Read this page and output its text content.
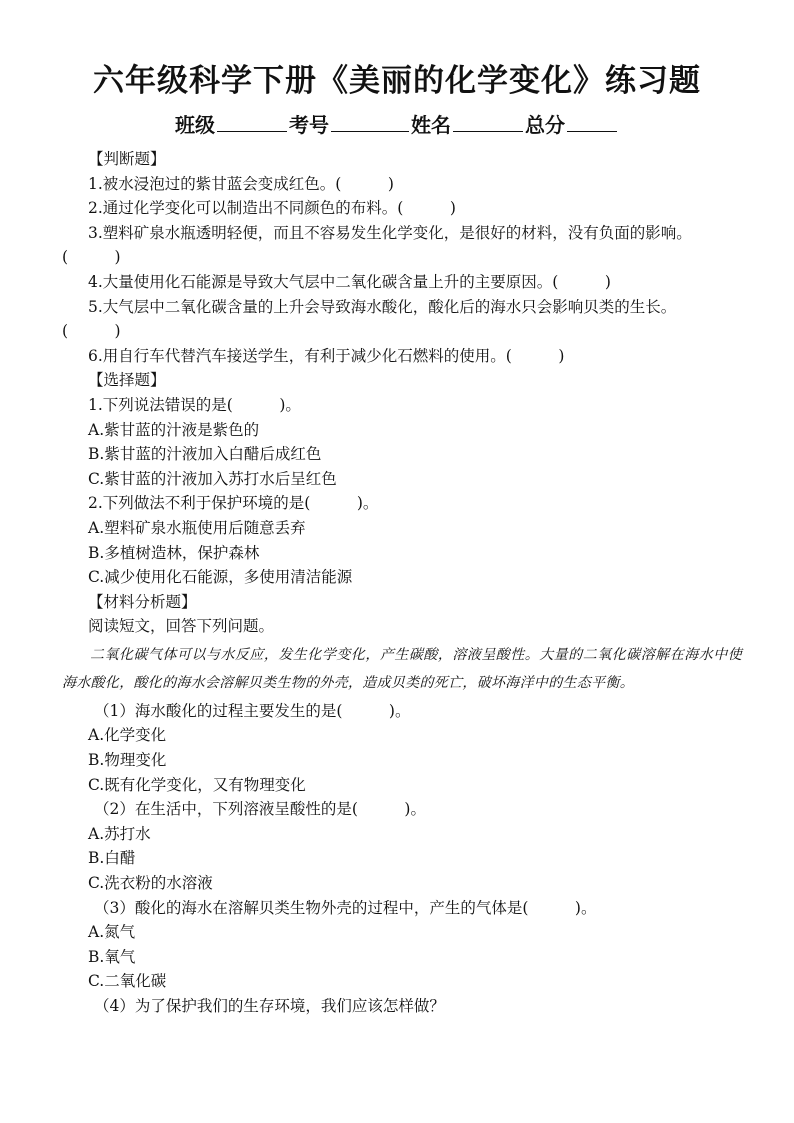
六年级科学下册《美丽的化学变化》练习题
班级	考号	姓名	总分
【判断题】
1.被水浸泡过的紫甘蓝会变成红色。(　　　)
2.通过化学变化可以制造出不同颜色的布料。(　　　)
3.塑料矿泉水瓶透明轻便，而且不容易发生化学变化，是很好的材料，没有负面的影响。
(　　　)
4.大量使用化石能源是导致大气层中二氧化碳含量上升的主要原因。(　　　)
5.大气层中二氧化碳含量的上升会导致海水酸化，酸化后的海水只会影响贝类的生长。
(　　　)
6.用自行车代替汽车接送学生，有利于减少化石燃料的使用。(　　　)
【选择题】
1.下列说法错误的是(　　　)。
A.紫甘蓝的汁液是紫色的
B.紫甘蓝的汁液加入白醋后成红色
C.紫甘蓝的汁液加入苏打水后呈红色
2.下列做法不利于保护环境的是(　　　)。
A.塑料矿泉水瓶使用后随意丢弃
B.多植树造林，保护森林
C.减少使用化石能源，多使用清洁能源
【材料分析题】
阅读短文，回答下列问题。
二氧化碳气体可以与水反应，发生化学变化，产生碳酸，溶液呈酸性。大量的二氧化碳溶解在海水中使海水酸化，酸化的海水会溶解贝类生物的外壳，造成贝类的死亡，破坏海洋中的生态平衡。
（1）海水酸化的过程主要发生的是(　　　)。
A.化学变化
B.物理变化
C.既有化学变化，又有物理变化
（2）在生活中，下列溶液呈酸性的是(　　　)。
A.苏打水
B.白醋
C.洗衣粉的水溶液
（3）酸化的海水在溶解贝类生物外壳的过程中，产生的气体是(　　　)。
A.氮气
B.氧气
C.二氧化碳
（4）为了保护我们的生存环境，我们应该怎样做？
